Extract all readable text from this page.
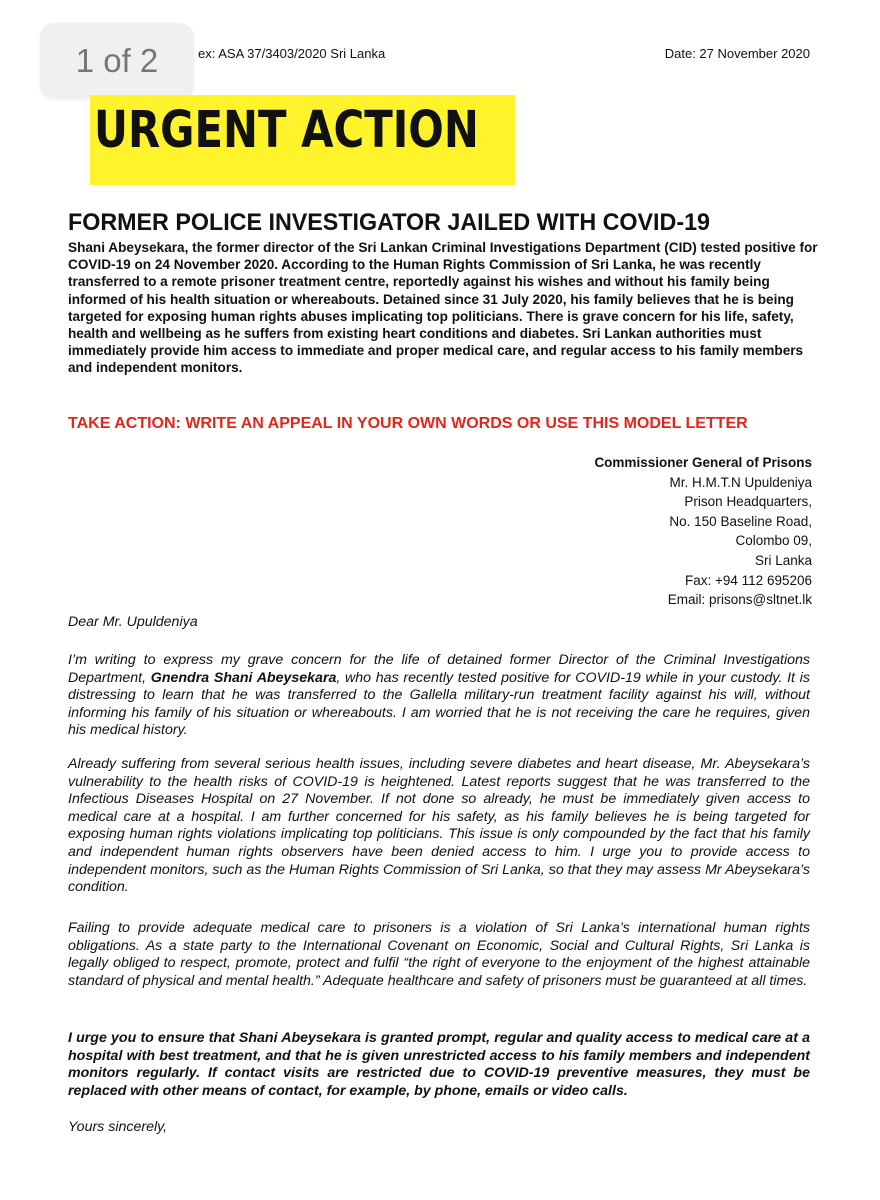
1 of 2	ex: ASA 37/3403/2020 Sri Lanka	Date: 27 November 2020
URGENT ACTION
FORMER POLICE INVESTIGATOR JAILED WITH COVID-19
Shani Abeysekara, the former director of the Sri Lankan Criminal Investigations Department (CID) tested positive for COVID-19 on 24 November 2020. According to the Human Rights Commission of Sri Lanka, he was recently transferred to a remote prisoner treatment centre, reportedly against his wishes and without his family being informed of his health situation or whereabouts. Detained since 31 July 2020, his family believes that he is being targeted for exposing human rights abuses implicating top politicians. There is grave concern for his life, safety, health and wellbeing as he suffers from existing heart conditions and diabetes. Sri Lankan authorities must immediately provide him access to immediate and proper medical care, and regular access to his family members and independent monitors.
TAKE ACTION: WRITE AN APPEAL IN YOUR OWN WORDS OR USE THIS MODEL LETTER
Commissioner General of Prisons
Mr. H.M.T.N Upuldeniya
Prison Headquarters,
No. 150 Baseline Road,
Colombo 09,
Sri Lanka
Fax: +94 112 695206
Email: prisons@sltnet.lk
Dear Mr. Upuldeniya
I’m writing to express my grave concern for the life of detained former Director of the Criminal Investigations Department, Gnendra Shani Abeysekara, who has recently tested positive for COVID-19 while in your custody. It is distressing to learn that he was transferred to the Gallella military-run treatment facility against his will, without informing his family of his situation or whereabouts. I am worried that he is not receiving the care he requires, given his medical history.
Already suffering from several serious health issues, including severe diabetes and heart disease, Mr. Abeysekara’s vulnerability to the health risks of COVID-19 is heightened. Latest reports suggest that he was transferred to the Infectious Diseases Hospital on 27 November. If not done so already, he must be immediately given access to medical care at a hospital. I am further concerned for his safety, as his family believes he is being targeted for exposing human rights violations implicating top politicians. This issue is only compounded by the fact that his family and independent human rights observers have been denied access to him. I urge you to provide access to independent monitors, such as the Human Rights Commission of Sri Lanka, so that they may assess Mr Abeysekara’s condition.
Failing to provide adequate medical care to prisoners is a violation of Sri Lanka’s international human rights obligations. As a state party to the International Covenant on Economic, Social and Cultural Rights, Sri Lanka is legally obliged to respect, promote, protect and fulfil “the right of everyone to the enjoyment of the highest attainable standard of physical and mental health.” Adequate healthcare and safety of prisoners must be guaranteed at all times.
I urge you to ensure that Shani Abeysekara is granted prompt, regular and quality access to medical care at a hospital with best treatment, and that he is given unrestricted access to his family members and independent monitors regularly. If contact visits are restricted due to COVID-19 preventive measures, they must be replaced with other means of contact, for example, by phone, emails or video calls.
Yours sincerely,
